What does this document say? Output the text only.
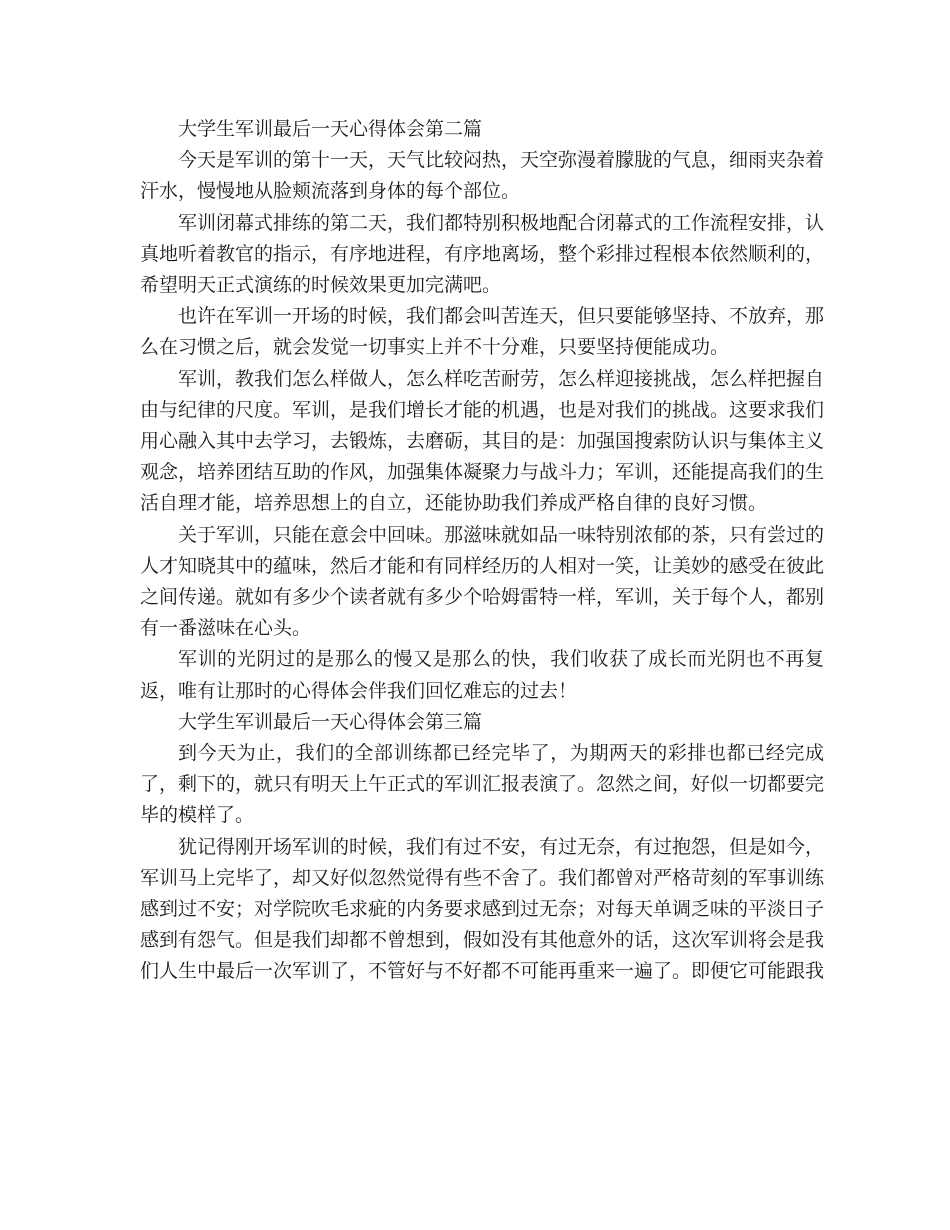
大学生军训最后一天心得体会第二篇

今天是军训的第十一天，天气比较闷热，天空弥漫着朦胧的气息，细雨夹杂着汗水，慢慢地从脸颊流落到身体的每个部位。

军训闭幕式排练的第二天，我们都特别积极地配合闭幕式的工作流程安排，认真地听着教官的指示，有序地进程，有序地离场，整个彩排过程根本依然顺利的，希望明天正式演练的时候效果更加完满吧。

也许在军训一开场的时候，我们都会叫苦连天，但只要能够坚持、不放弃，那么在习惯之后，就会发觉一切事实上并不十分难，只要坚持便能成功。

军训，教我们怎么样做人，怎么样吃苦耐劳，怎么样迎接挑战，怎么样把握自由与纪律的尺度。军训，是我们增长才能的机遇，也是对我们的挑战。这要求我们用心融入其中去学习，去锻炼，去磨砺，其目的是：加强国搜索防认识与集体主义观念，培养团结互助的作风，加强集体凝聚力与战斗力；军训，还能提高我们的生活自理才能，培养思想上的自立，还能协助我们养成严格自律的良好习惯。

关于军训，只能在意会中回味。那滋味就如品一味特别浓郁的茶，只有尝过的人才知晓其中的蕴味，然后才能和有同样经历的人相对一笑，让美妙的感受在彼此之间传递。就如有多少个读者就有多少个哈姆雷特一样，军训，关于每个人，都别有一番滋味在心头。

军训的光阴过的是那么的慢又是那么的快，我们收获了成长而光阴也不再复返，唯有让那时的心得体会伴我们回忆难忘的过去！

大学生军训最后一天心得体会第三篇

到今天为止，我们的全部训练都已经完毕了，为期两天的彩排也都已经完成了，剩下的，就只有明天上午正式的军训汇报表演了。忽然之间，好似一切都要完毕的模样了。

犹记得刚开场军训的时候，我们有过不安，有过无奈，有过抱怨，但是如今，军训马上完毕了，却又好似忽然觉得有些不舍了。我们都曾对严格苛刻的军事训练感到过不安；对学院吹毛求疵的内务要求感到过无奈；对每天单调乏味的平淡日子感到有怨气。但是我们却都不曾想到，假如没有其他意外的话，这次军训将会是我们人生中最后一次军训了，不管好与不好都不可能再重来一遍了。即便它可能跟我
